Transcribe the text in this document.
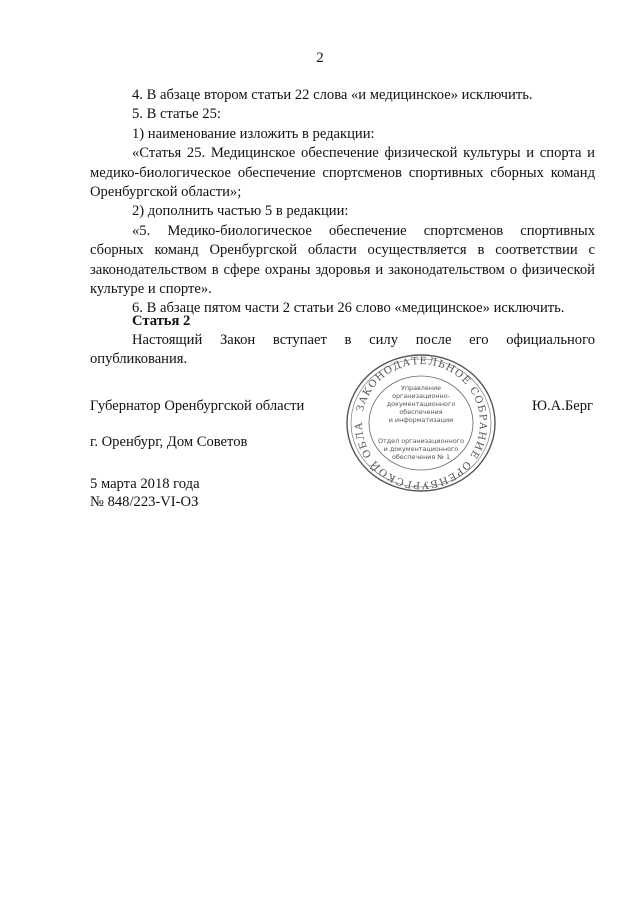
2

4. В абзаце втором статьи 22 слова «и медицинское» исключить.

5. В статье 25:

1) наименование изложить в редакции:

«Статья 25. Медицинское обеспечение физической культуры и спорта и медико-биологическое обеспечение спортсменов спортивных сборных команд Оренбургской области»;

2) дополнить частью 5 в редакции:

«5. Медико-биологическое обеспечение спортсменов спортивных сборных команд Оренбургской области осуществляется в соответствии с законодательством в сфере охраны здоровья и законодательством о физической культуре и спорте».

6. В абзаце пятом части 2 статьи 26 слово «медицинское» исключить.

Статья 2
Настоящий Закон вступает в силу после его официального опубликования.
Губернатор Оренбургской области	Ю.А.Берг
г. Оренбург, Дом Советов
5 марта 2018 года
№ 848/223-VI-ОЗ
ЗАКОНОДАТЕЛЬНОЕ СОБРАНИЕ ОРЕНБУРГСКОЙ ОБЛА
Управление
организационно-
документационного
обеспечения
и информатизации
Отдел организационного
и документационного
обеспечения № 1
